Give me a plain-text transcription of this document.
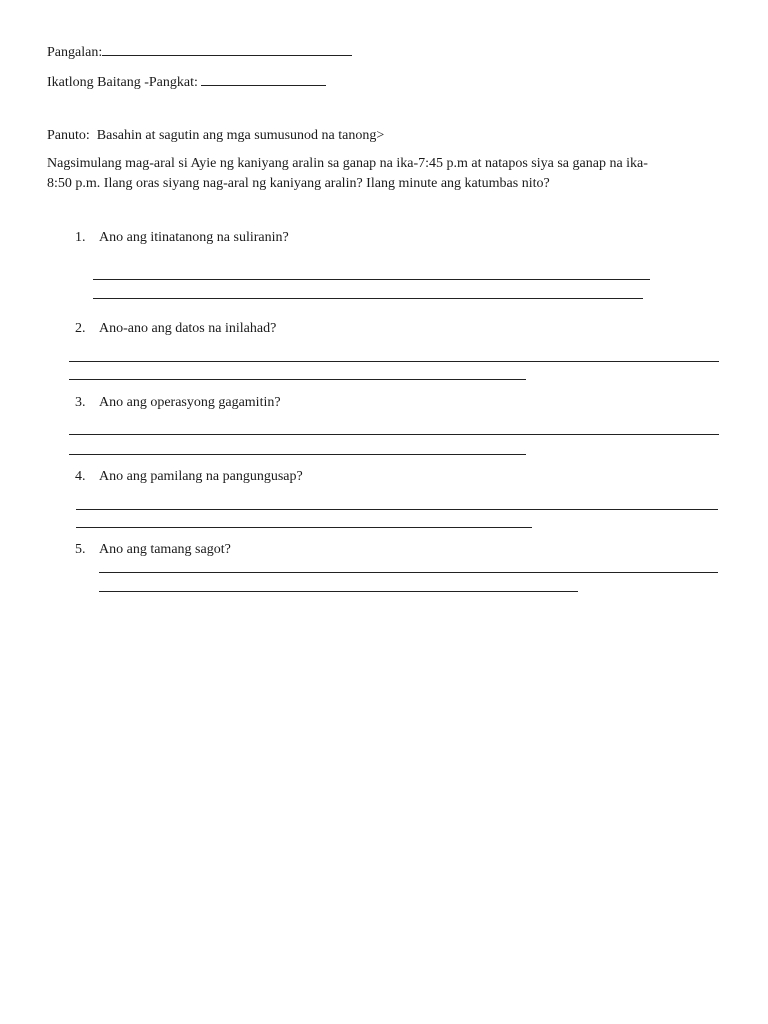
Pangalan:
Ikatlong Baitang -Pangkat:
Panuto: Basahin at sagutin ang mga sumusunod na tanong>
Nagsimulang mag-aral si Ayie ng kaniyang aralin sa ganap na ika-7:45 p.m at natapos siya sa ganap na ika-
8:50 p.m. Ilang oras siyang nag-aral ng kaniyang aralin? Ilang minute ang katumbas nito?
1. Ano ang itinatanong na suliranin?
2. Ano-ano ang datos na inilahad?
3. Ano ang operasyong gagamitin?
4. Ano ang pamilang na pangungusap?
5. Ano ang tamang sagot?
